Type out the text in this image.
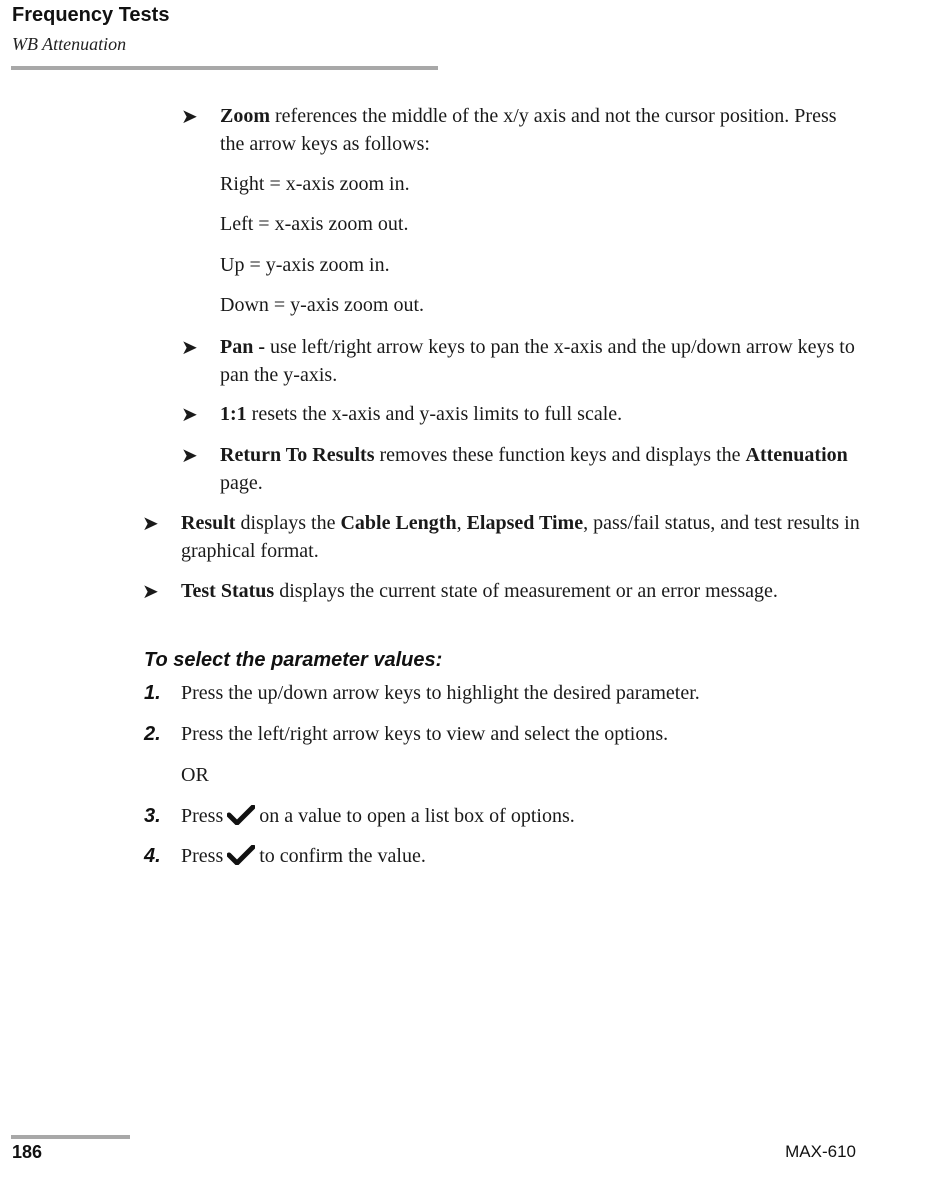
Frequency Tests
WB Attenuation
➤ Zoom references the middle of the x/y axis and not the cursor position. Press the arrow keys as follows:
Right = x-axis zoom in.
Left = x-axis zoom out.
Up = y-axis zoom in.
Down = y-axis zoom out.
➤ Pan - use left/right arrow keys to pan the x-axis and the up/down arrow keys to pan the y-axis.
➤ 1:1 resets the x-axis and y-axis limits to full scale.
➤ Return To Results removes these function keys and displays the Attenuation page.
➤ Result displays the Cable Length, Elapsed Time, pass/fail status, and test results in graphical format.
➤ Test Status displays the current state of measurement or an error message.
To select the parameter values:
1. Press the up/down arrow keys to highlight the desired parameter.
2. Press the left/right arrow keys to view and select the options.
OR
3. Press on a value to open a list box of options.
4. Press to confirm the value.
186	MAX-610
